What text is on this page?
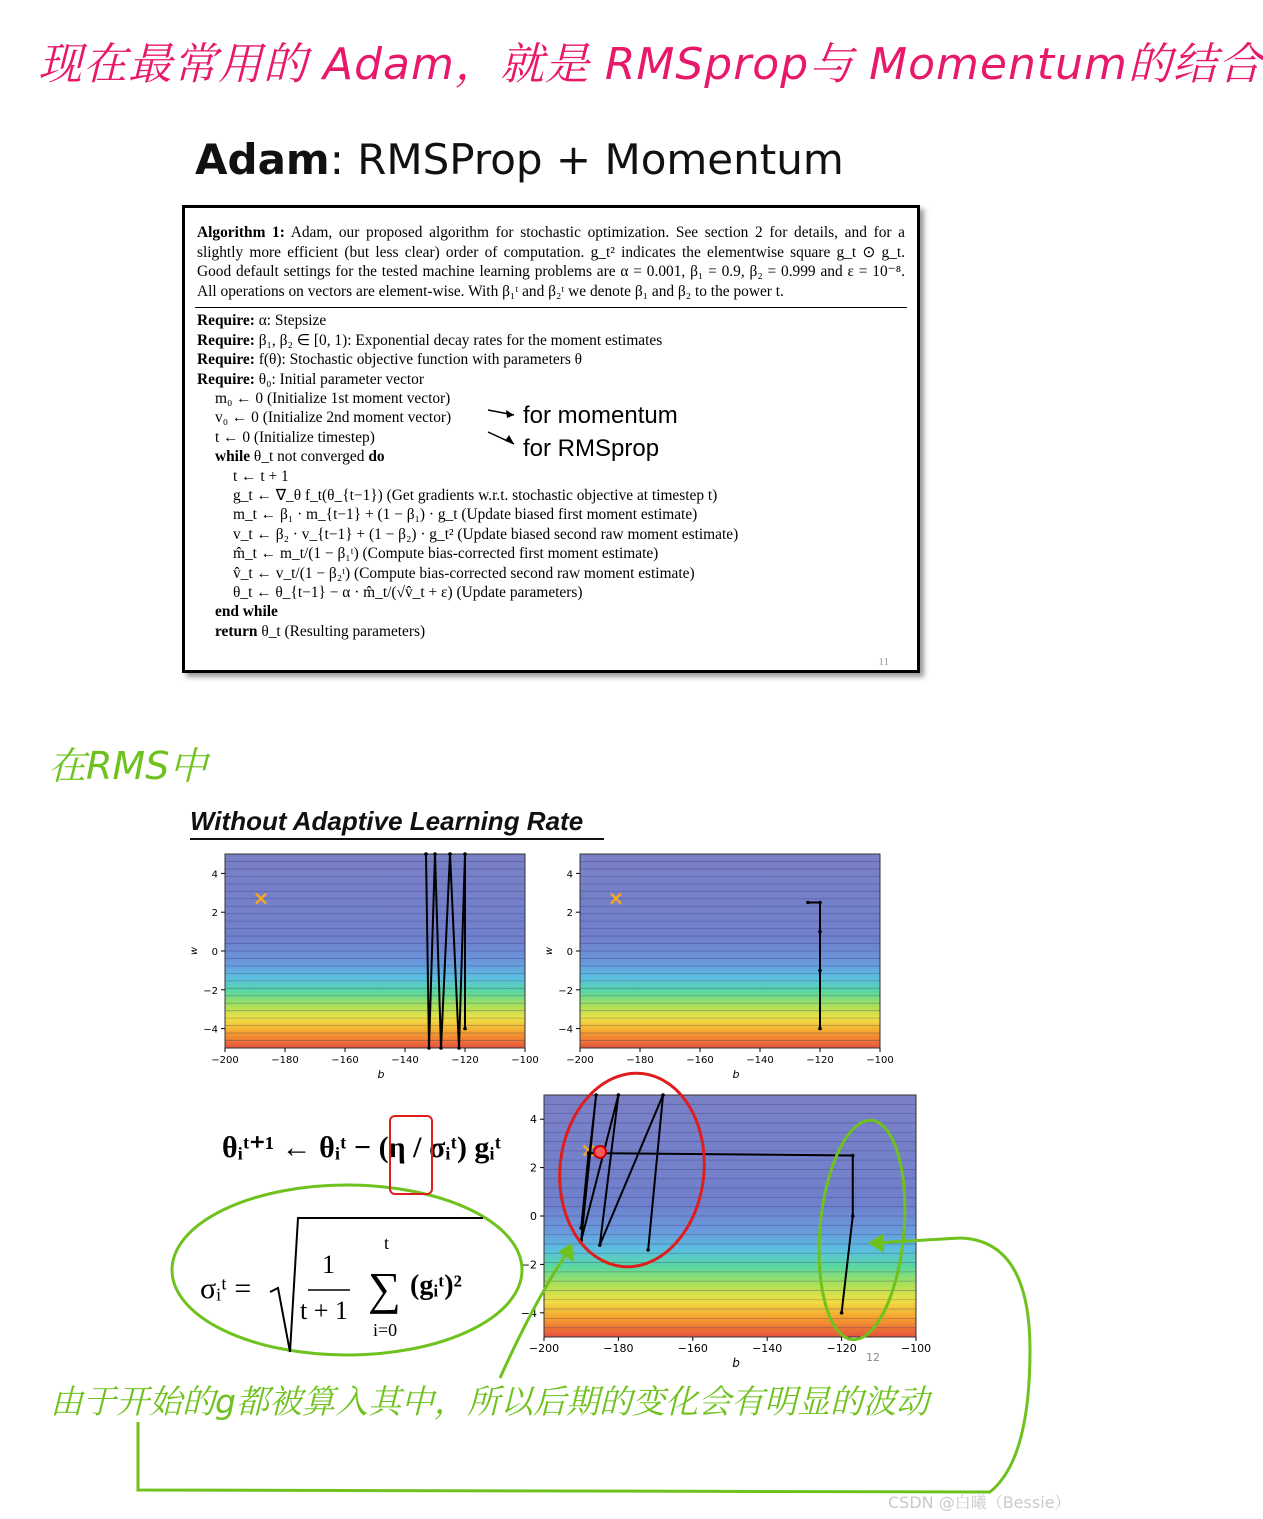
现在最常用的 Adam，就是 RMSprop与 Momentum的结合
Adam: RMSProp + Momentum
Algorithm 1: Adam, our proposed algorithm for stochastic optimization. See section 2 for details, and for a slightly more efficient (but less clear) order of computation. g_t² indicates the elementwise square g_t ⊙ g_t. Good default settings for the tested machine learning problems are α = 0.001, β₁ = 0.9, β₂ = 0.999 and ε = 10⁻⁸. All operations on vectors are element-wise. With β₁ᵗ and β₂ᵗ we denote β₁ and β₂ to the power t.
Require: α: Stepsize
Require: β₁, β₂ ∈ [0, 1): Exponential decay rates for the moment estimates
Require: f(θ): Stochastic objective function with parameters θ
Require: θ₀: Initial parameter vector
m₀ ← 0 (Initialize 1st moment vector)
v₀ ← 0 (Initialize 2nd moment vector)
t ← 0 (Initialize timestep)
while θ_t not converged do
t ← t + 1
g_t ← ∇_θ f_t(θ_{t−1}) (Get gradients w.r.t. stochastic objective at timestep t)
m_t ← β₁ · m_{t−1} + (1 − β₁) · g_t (Update biased first moment estimate)
v_t ← β₂ · v_{t−1} + (1 − β₂) · g_t² (Update biased second raw moment estimate)
m̂_t ← m_t/(1 − β₁ᵗ) (Compute bias-corrected first moment estimate)
v̂_t ← v_t/(1 − β₂ᵗ) (Compute bias-corrected second raw moment estimate)
θ_t ← θ_{t−1} − α · m̂_t/(√v̂_t + ε) (Update parameters)
end while
return θ_t (Resulting parameters)
11
for momentum
for RMSprop
在RMS中
Without Adaptive Learning Rate
−200	−180	−160	−140	−120	−100
4
2
0
−2
−4
b
w
−200	−180	−160	−140	−120	−100
4
2
0
−2
−4
b
w
−200	−180	−160	−140	−120	−100
4
2
0
−2
−4
b
θᵢᵗ⁺¹ ← θᵢᵗ − (η / σᵢᵗ) gᵢᵗ
σᵢᵗ =
1
t + 1
t
∑
i=0
(gᵢᵗ)²
12
由于开始的g都被算入其中，所以后期的变化会有明显的波动
CSDN @白曦（Bessie）
